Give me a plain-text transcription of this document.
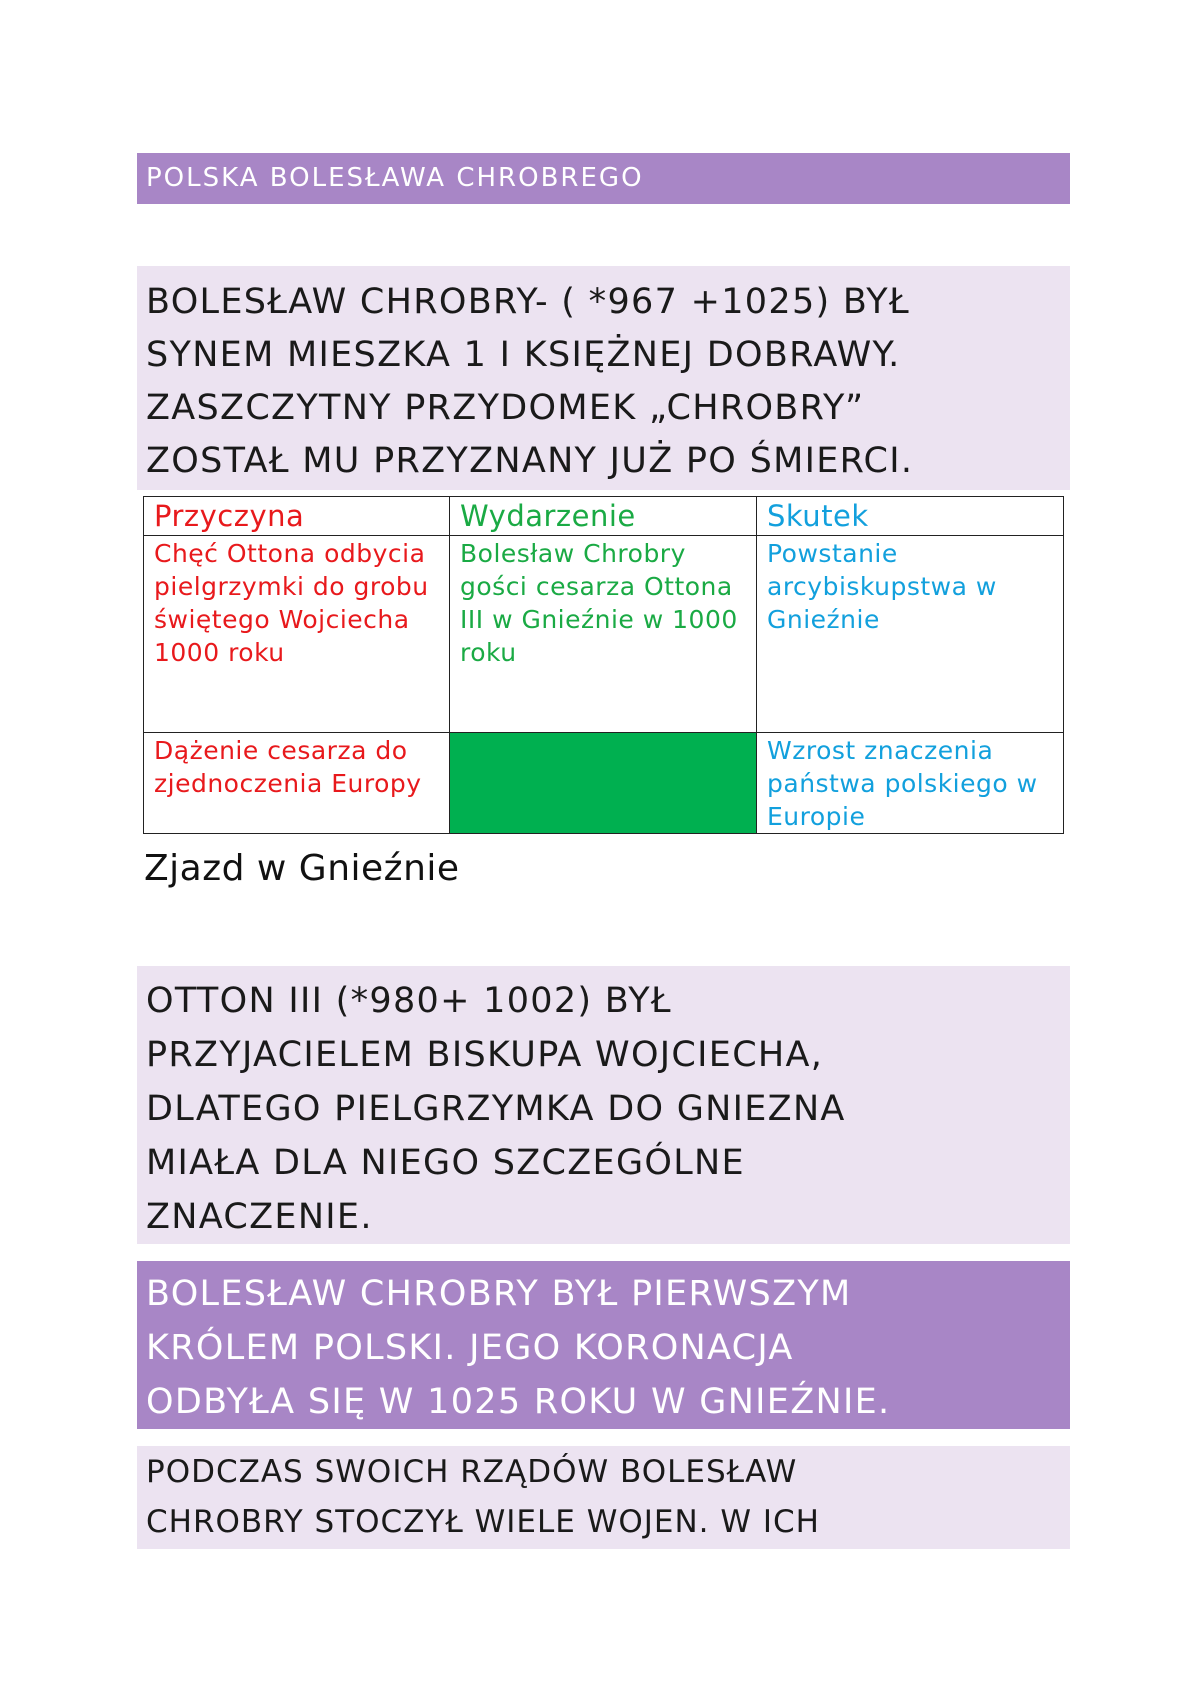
POLSKA BOLESŁAWA CHROBREGO
BOLESŁAW CHROBRY- ( *967 +1025) BYŁ
SYNEM MIESZKA 1 I KSIĘŻNEJ DOBRAWY.
ZASZCZYTNY PRZYDOMEK „CHROBRY”
ZOSTAŁ MU PRZYZNANY JUŻ PO ŚMIERCI.
Przyczyna	Wydarzenie	Skutek
Chęć Ottona odbycia pielgrzymki do grobu świętego Wojciecha 1000 roku	Bolesław Chrobry gości cesarza Ottona III w Gnieźnie w 1000 roku	Powstanie arcybiskupstwa w Gnieźnie
Dążenie cesarza do zjednoczenia Europy		Wzrost znaczenia państwa polskiego w Europie
Zjazd w Gnieźnie
OTTON III (*980+ 1002) BYŁ
PRZYJACIELEM BISKUPA WOJCIECHA,
DLATEGO PIELGRZYMKA DO GNIEZNA
MIAŁA DLA NIEGO SZCZEGÓLNE
ZNACZENIE.
BOLESŁAW CHROBRY BYŁ PIERWSZYM
KRÓLEM POLSKI. JEGO KORONACJA
ODBYŁA SIĘ W 1025 ROKU W GNIEŹNIE.
PODCZAS SWOICH RZĄDÓW BOLESŁAW
CHROBRY STOCZYŁ WIELE WOJEN. W ICH
